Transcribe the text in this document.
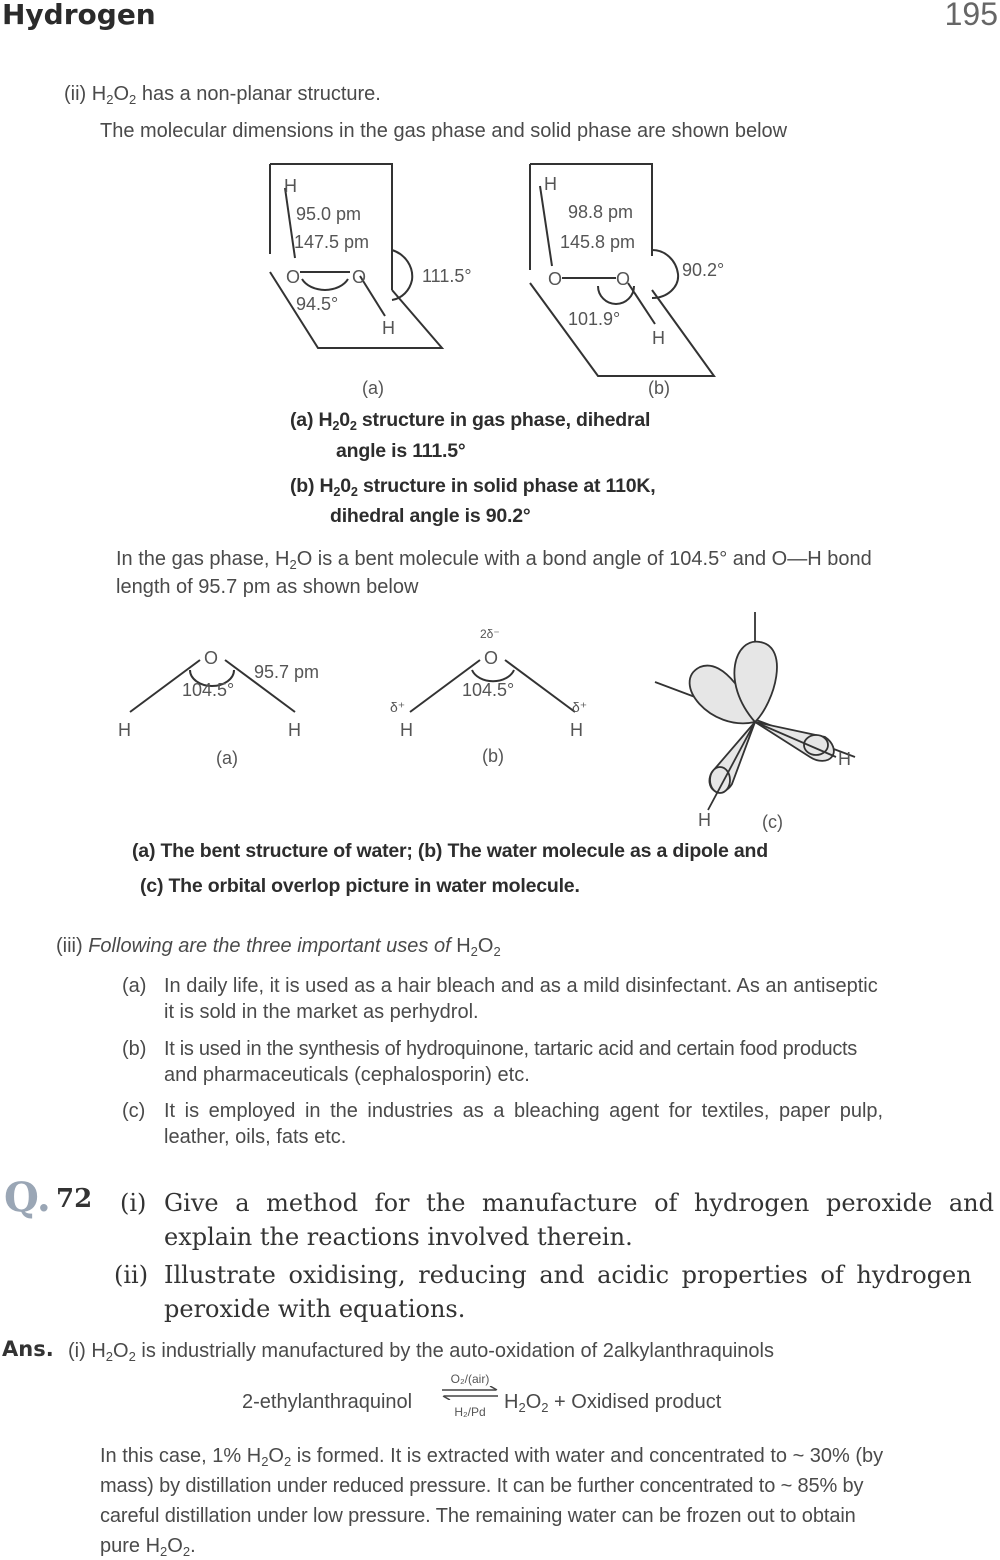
Hydrogen	195
(ii) $H_2O_2$ has a non-planar structure.
The molecular dimensions in the gas phase and solid phase are shown below
H
95.0 pm
147.5 pm
O	O	111.5°
94.5°
H
(a)
H
98.8 pm
145.8 pm
O	O	90.2°
101.9°
H
(b)
(a) $H_20_2$ structure in gas phase, dihedral
angle is 111.5°
(b) $H_20_2$ structure in solid phase at 110K,
dihedral angle is 90.2°
In the gas phase, $H_2O$ is a bent molecule with a bond angle of 104.5° and O—H bond
length of 95.7 pm as shown below
O
95.7 pm
104.5°
H	H
(a)
2δ⁻
O
104.5°
δ⁺	δ⁺
H	H
(b)	H
H	(c)
(a) The bent structure of water; (b) The water molecule as a dipole and
(c) The orbital overlop picture in water molecule.
(iii) Following are the three important uses of $H_2O_2$
(a) In daily life, it is used as a hair bleach and as a mild disinfectant. As an antiseptic
it is sold in the market as perhydrol.
(b) It is used in the synthesis of hydroquinone, tartaric acid and certain food products
and pharmaceuticals (cephalosporin) etc.
(c) It is employed in the industries as a bleaching agent for textiles, paper pulp,
leather, oils, fats etc.
Q. 72 (i) Give a method for the manufacture of hydrogen peroxide and
explain the reactions involved therein.
(ii) Illustrate oxidising, reducing and acidic properties of hydrogen
peroxide with equations.
Ans. (i) $H_2O_2$ is industrially manufactured by the auto-oxidation of 2alkylanthraquinols
2-ethylanthraquinol
O₂/(air)
H₂/Pd $H_2O_2$ + Oxidised product
In this case, 1% $H_2O_2$ is formed. It is extracted with water and concentrated to ~ 30% (by
mass) by distillation under reduced pressure. It can be further concentrated to ~ 85% by
careful distillation under low pressure. The remaining water can be frozen out to obtain
pure $H_2O_2$.
